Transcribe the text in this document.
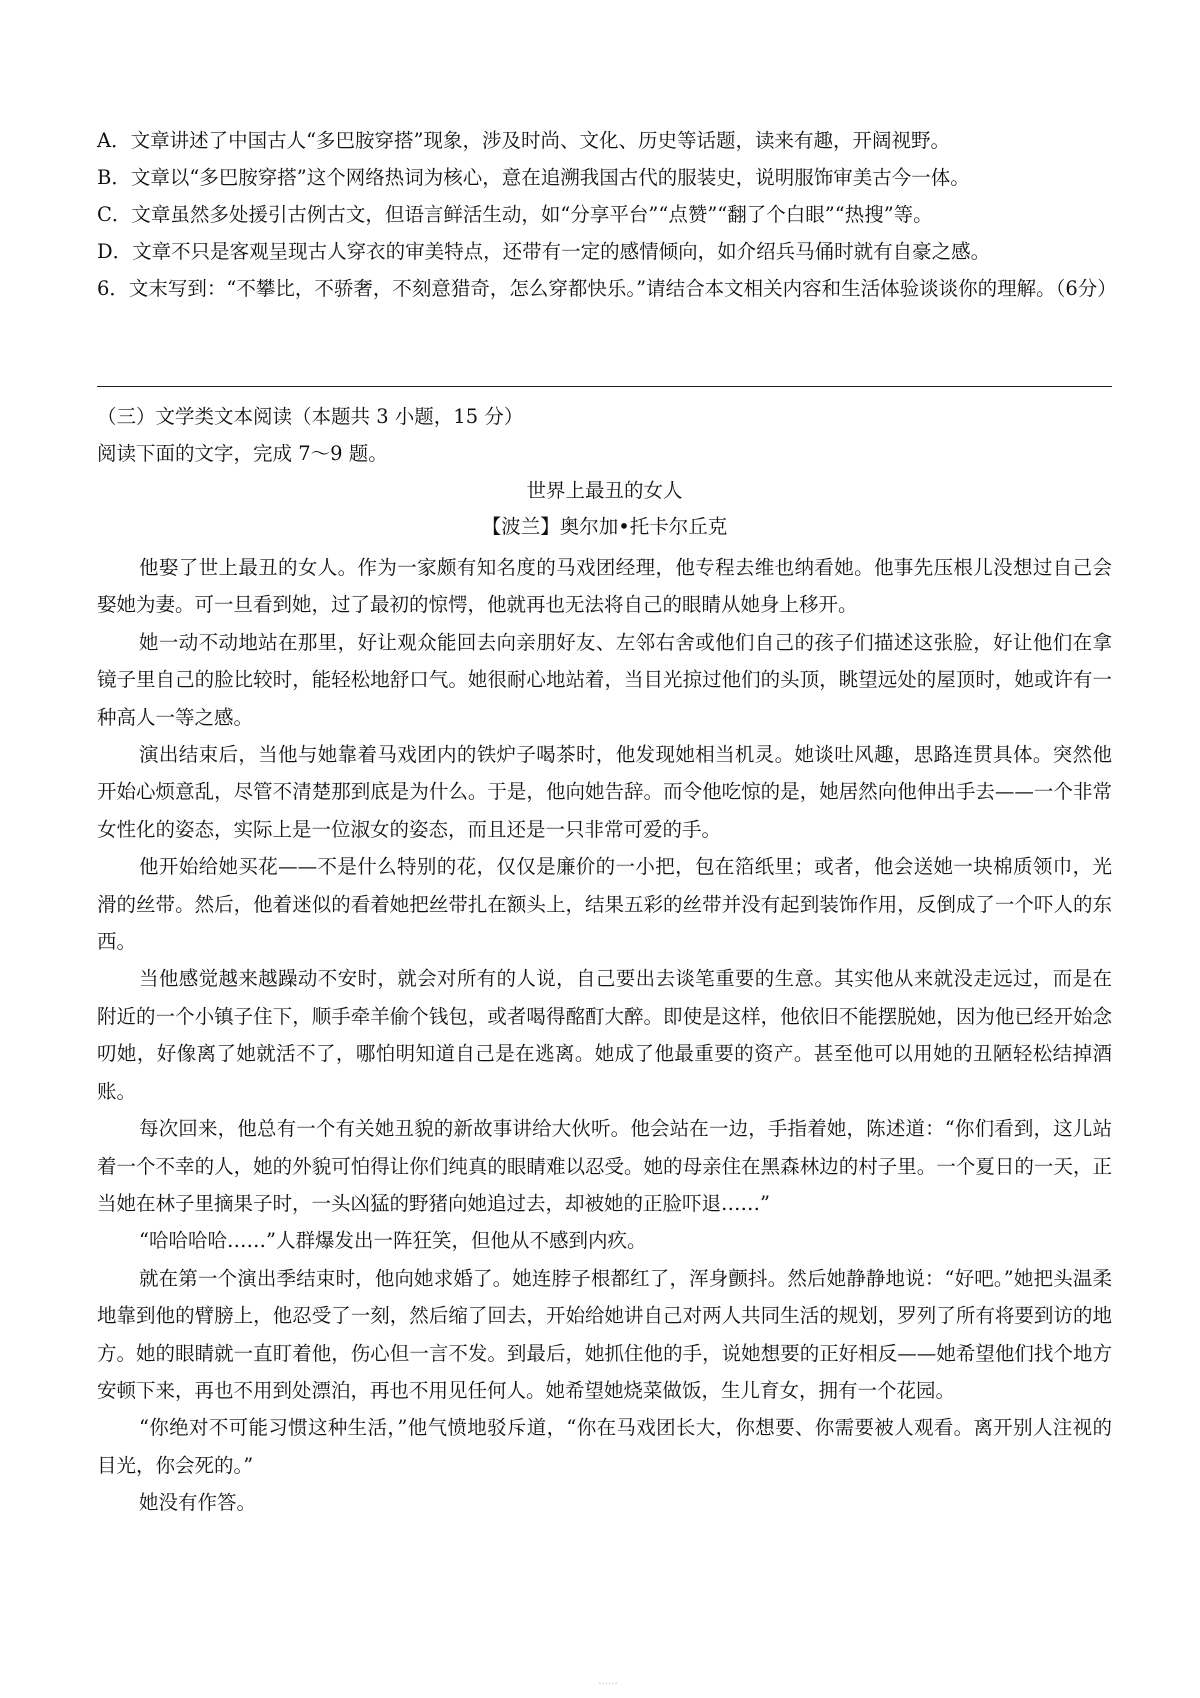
A．文章讲述了中国古人“多巴胺穿搭”现象，涉及时尚、文化、历史等话题，读来有趣，开阔视野。
B．文章以“多巴胺穿搭”这个网络热词为核心，意在追溯我国古代的服装史，说明服饰审美古今一体。
C．文章虽然多处援引古例古文，但语言鲜活生动，如“分享平台”“点赞”“翻了个白眼”“热搜”等。
D．文章不只是客观呈现古人穿衣的审美特点，还带有一定的感情倾向，如介绍兵马俑时就有自豪之感。
6．文末写到：“不攀比，不骄奢，不刻意猎奇，怎么穿都快乐。”请结合本文相关内容和生活体验谈谈你的理解。（6分）
（三）文学类文本阅读（本题共 3 小题，15 分）
阅读下面的文字，完成 7～9 题。
世界上最丑的女人
【波兰】奥尔加•托卡尔丘克

他娶了世上最丑的女人。作为一家颇有知名度的马戏团经理，他专程去维也纳看她。他事先压根儿没想过自己会娶她为妻。可一旦看到她，过了最初的惊愕，他就再也无法将自己的眼睛从她身上移开。

她一动不动地站在那里，好让观众能回去向亲朋好友、左邻右舍或他们自己的孩子们描述这张脸，好让他们在拿镜子里自己的脸比较时，能轻松地舒口气。她很耐心地站着，当目光掠过他们的头顶，眺望远处的屋顶时，她或许有一种高人一等之感。

演出结束后，当他与她靠着马戏团内的铁炉子喝茶时，他发现她相当机灵。她谈吐风趣，思路连贯具体。突然他开始心烦意乱，尽管不清楚那到底是为什么。于是，他向她告辞。而令他吃惊的是，她居然向他伸出手去——一个非常女性化的姿态，实际上是一位淑女的姿态，而且还是一只非常可爱的手。

他开始给她买花——不是什么特别的花，仅仅是廉价的一小把，包在箔纸里；或者，他会送她一块棉质领巾，光滑的丝带。然后，他着迷似的看着她把丝带扎在额头上，结果五彩的丝带并没有起到装饰作用，反倒成了一个吓人的东西。

当他感觉越来越躁动不安时，就会对所有的人说，自己要出去谈笔重要的生意。其实他从来就没走远过，而是在附近的一个小镇子住下，顺手牵羊偷个钱包，或者喝得酩酊大醉。即使是这样，他依旧不能摆脱她，因为他已经开始念叨她，好像离了她就活不了，哪怕明知道自己是在逃离。她成了他最重要的资产。甚至他可以用她的丑陋轻松结掉酒账。

每次回来，他总有一个有关她丑貌的新故事讲给大伙听。他会站在一边，手指着她，陈述道：“你们看到，这儿站着一个不幸的人，她的外貌可怕得让你们纯真的眼睛难以忍受。她的母亲住在黑森林边的村子里。一个夏日的一天，正当她在林子里摘果子时，一头凶猛的野猪向她追过去，却被她的正脸吓退……”

“哈哈哈哈……”人群爆发出一阵狂笑，但他从不感到内疚。

就在第一个演出季结束时，他向她求婚了。她连脖子根都红了，浑身颤抖。然后她静静地说：“好吧。”她把头温柔地靠到他的臂膀上，他忍受了一刻，然后缩了回去，开始给她讲自己对两人共同生活的规划，罗列了所有将要到访的地方。她的眼睛就一直盯着他，伤心但一言不发。到最后，她抓住他的手，说她想要的正好相反——她希望他们找个地方安顿下来，再也不用到处漂泊，再也不用见任何人。她希望她烧菜做饭，生儿育女，拥有一个花园。

“你绝对不可能习惯这种生活，”他气愤地驳斥道，“你在马戏团长大，你想要、你需要被人观看。离开别人注视的目光，你会死的。”

她没有作答。

……
